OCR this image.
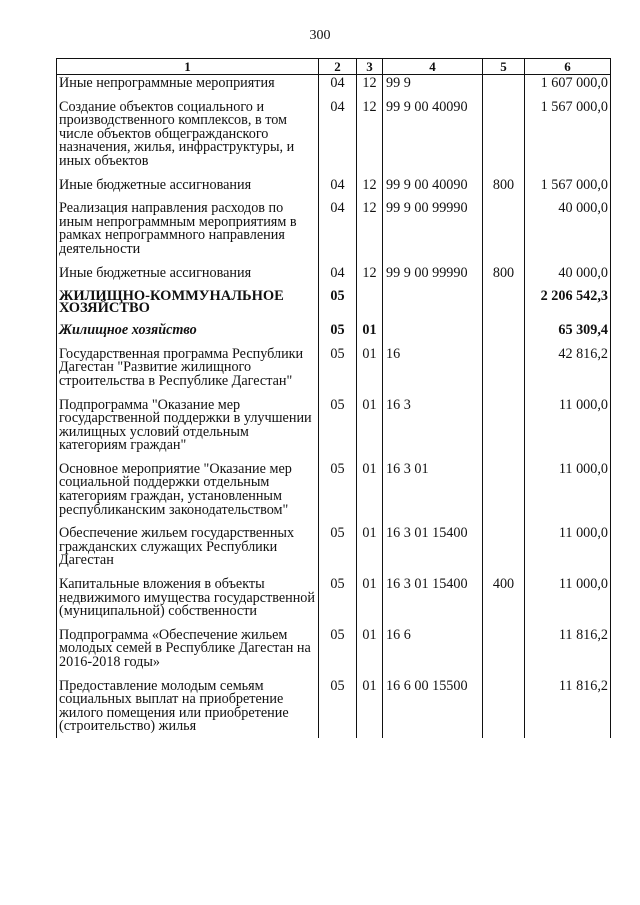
300
1	2	3	4	5	6
Иные непрограммные мероприятия	04	12	99 9		1 607 000,0
Создание объектов социального и производственного комплексов, в том числе объектов общегражданского назначения, жилья, инфраструктуры, и иных объектов	04	12	99 9 00 40090		1 567 000,0
Иные бюджетные ассигнования	04	12	99 9 00 40090	800	1 567 000,0
Реализация направления расходов по иным непрограммным мероприятиям в рамках непрограммного направления деятельности	04	12	99 9 00 99990		40 000,0
Иные бюджетные ассигнования	04	12	99 9 00 99990	800	40 000,0
ЖИЛИЩНО-КОММУНАЛЬНОЕ ХОЗЯЙСТВО	05				2 206 542,3
Жилищное хозяйство	05	01			65 309,4
Государственная программа Республики Дагестан "Развитие жилищного строительства в Республике Дагестан"	05	01	16		42 816,2
Подпрограмма "Оказание мер государственной поддержки в улучшении жилищных условий отдельным категориям граждан"	05	01	16 3		11 000,0
Основное мероприятие "Оказание мер социальной поддержки отдельным категориям граждан, установленным республиканским законодательством"	05	01	16 3 01		11 000,0
Обеспечение жильем государственных гражданских служащих Республики Дагестан	05	01	16 3 01 15400		11 000,0
Капитальные вложения в объекты недвижимого имущества государственной (муниципальной) собственности	05	01	16 3 01 15400	400	11 000,0
Подпрограмма «Обеспечение жильем молодых семей в Республике Дагестан на 2016-2018 годы»	05	01	16 6		11 816,2
Предоставление молодым семьям социальных выплат на приобретение жилого помещения или приобретение (строительство) жилья	05	01	16 6 00 15500		11 816,2
